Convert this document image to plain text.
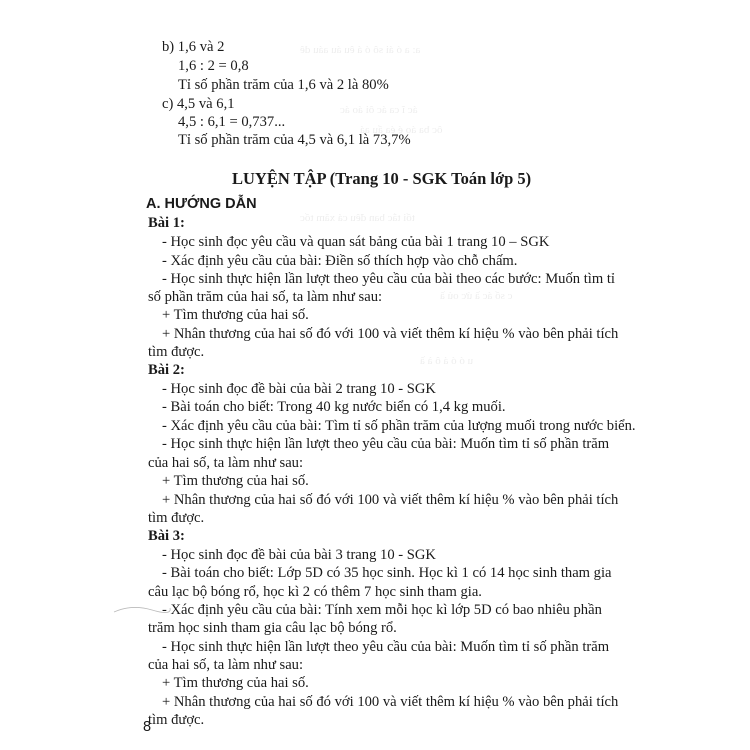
a: a ó ái sô ó á êu áu aáu dê
ác ĩ ca ác ôi áo ác
ôc ba áo é éa ẩu aá
tối tắc ban đêu cả xăm tốc
c số ác ầ ức oủ ầ
u ó ó ả ô à ầ
b) 1,6 và 2
1,6 : 2 = 0,8
Tỉ số phần trăm của 1,6 và 2 là 80%
c) 4,5 và 6,1
4,5 : 6,1 = 0,737...
Tỉ số phần trăm của 4,5 và 6,1 là 73,7%
LUYỆN TẬP (Trang 10 - SGK Toán lớp 5)
A. HƯỚNG DẪN
Bài 1:
- Học sinh đọc yêu cầu và quan sát bảng của bài 1 trang 10 – SGK
- Xác định yêu cầu của bài: Điền số thích hợp vào chỗ chấm.
- Học sinh thực hiện lần lượt theo yêu cầu của bài theo các bước: Muốn tìm tỉ
số phần trăm của hai số, ta làm như sau:
+ Tìm thương của hai số.
+ Nhân thương của hai số đó với 100 và viết thêm kí hiệu % vào bên phải tích
tìm được.
Bài 2:
- Học sinh đọc đề bài của bài 2 trang 10 - SGK
- Bài toán cho biết: Trong 40 kg nước biển có 1,4 kg muối.
- Xác định yêu cầu của bài: Tìm tỉ số phần trăm của lượng muối trong nước biển.
- Học sinh thực hiện lần lượt theo yêu cầu của bài: Muốn tìm tỉ số phần trăm
của hai số, ta làm như sau:
+ Tìm thương của hai số.
+ Nhân thương của hai số đó với 100 và viết thêm kí hiệu % vào bên phải tích
tìm được.
Bài 3:
- Học sinh đọc đề bài của bài 3 trang 10 - SGK
- Bài toán cho biết: Lớp 5D có 35 học sinh. Học kì 1 có 14 học sinh tham gia
câu lạc bộ bóng rổ, học kì 2 có thêm 7 học sinh tham gia.
- Xác định yêu cầu của bài: Tính xem mỗi học kì lớp 5D có bao nhiêu phần
trăm học sinh tham gia câu lạc bộ bóng rổ.
- Học sinh thực hiện lần lượt theo yêu cầu của bài: Muốn tìm tỉ số phần trăm
của hai số, ta làm như sau:
+ Tìm thương của hai số.
+ Nhân thương của hai số đó với 100 và viết thêm kí hiệu % vào bên phải tích
tìm được.
8
